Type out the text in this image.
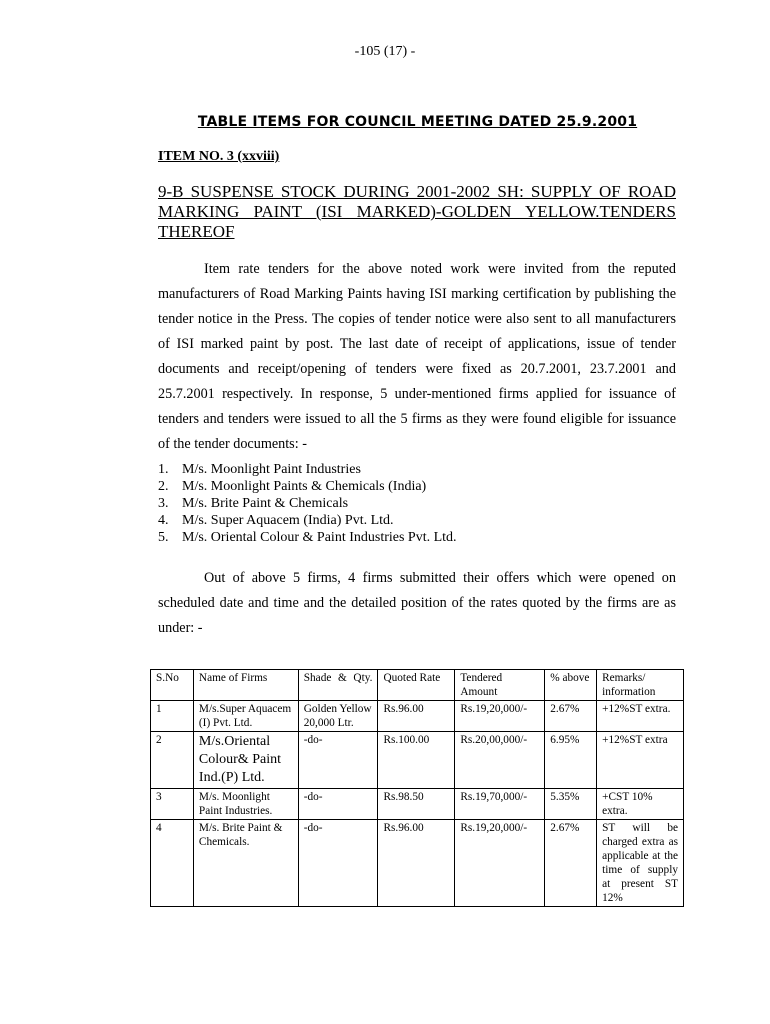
-105 (17) -
TABLE ITEMS FOR COUNCIL MEETING DATED 25.9.2001
ITEM NO. 3 (xxviii)
9-B SUSPENSE STOCK DURING 2001-2002 SH: SUPPLY OF ROAD MARKING PAINT (ISI MARKED)-GOLDEN YELLOW.TENDERS THEREOF
Item rate tenders for the above noted work were invited from the reputed manufacturers of Road Marking Paints having ISI marking certification by publishing the tender notice in the Press. The copies of tender notice were also sent to all manufacturers of ISI marked paint by post. The last date of receipt of applications, issue of tender documents and receipt/opening of tenders were fixed as 20.7.2001, 23.7.2001 and 25.7.2001 respectively. In response, 5 under-mentioned firms applied for issuance of tenders and tenders were issued to all the 5 firms as they were found eligible for issuance of the tender documents: -
1. M/s. Moonlight Paint Industries
2. M/s. Moonlight Paints & Chemicals (India)
3. M/s. Brite Paint & Chemicals
4. M/s. Super Aquacem (India) Pvt. Ltd.
5. M/s. Oriental Colour & Paint Industries Pvt. Ltd.
Out of above 5 firms, 4 firms submitted their offers which were opened on scheduled date and time and the detailed position of the rates quoted by the firms are as under: -
S.No	Name of Firms	Shade & Qty.	Quoted Rate	Tendered Amount	% above	Remarks/ information
1	M/s.Super Aquacem (I) Pvt. Ltd.	Golden Yellow 20,000 Ltr.	Rs.96.00	Rs.19,20,000/-	2.67%	+12%ST extra.
2	M/s.Oriental Colour& Paint Ind.(P) Ltd.	-do-	Rs.100.00	Rs.20,00,000/-	6.95%	+12%ST extra
3	M/s. Moonlight Paint Industries.	-do-	Rs.98.50	Rs.19,70,000/-	5.35%	+CST 10% extra.
4	M/s. Brite Paint & Chemicals.	-do-	Rs.96.00	Rs.19,20,000/-	2.67%	ST will be charged extra as applicable at the time of supply at present ST 12%
